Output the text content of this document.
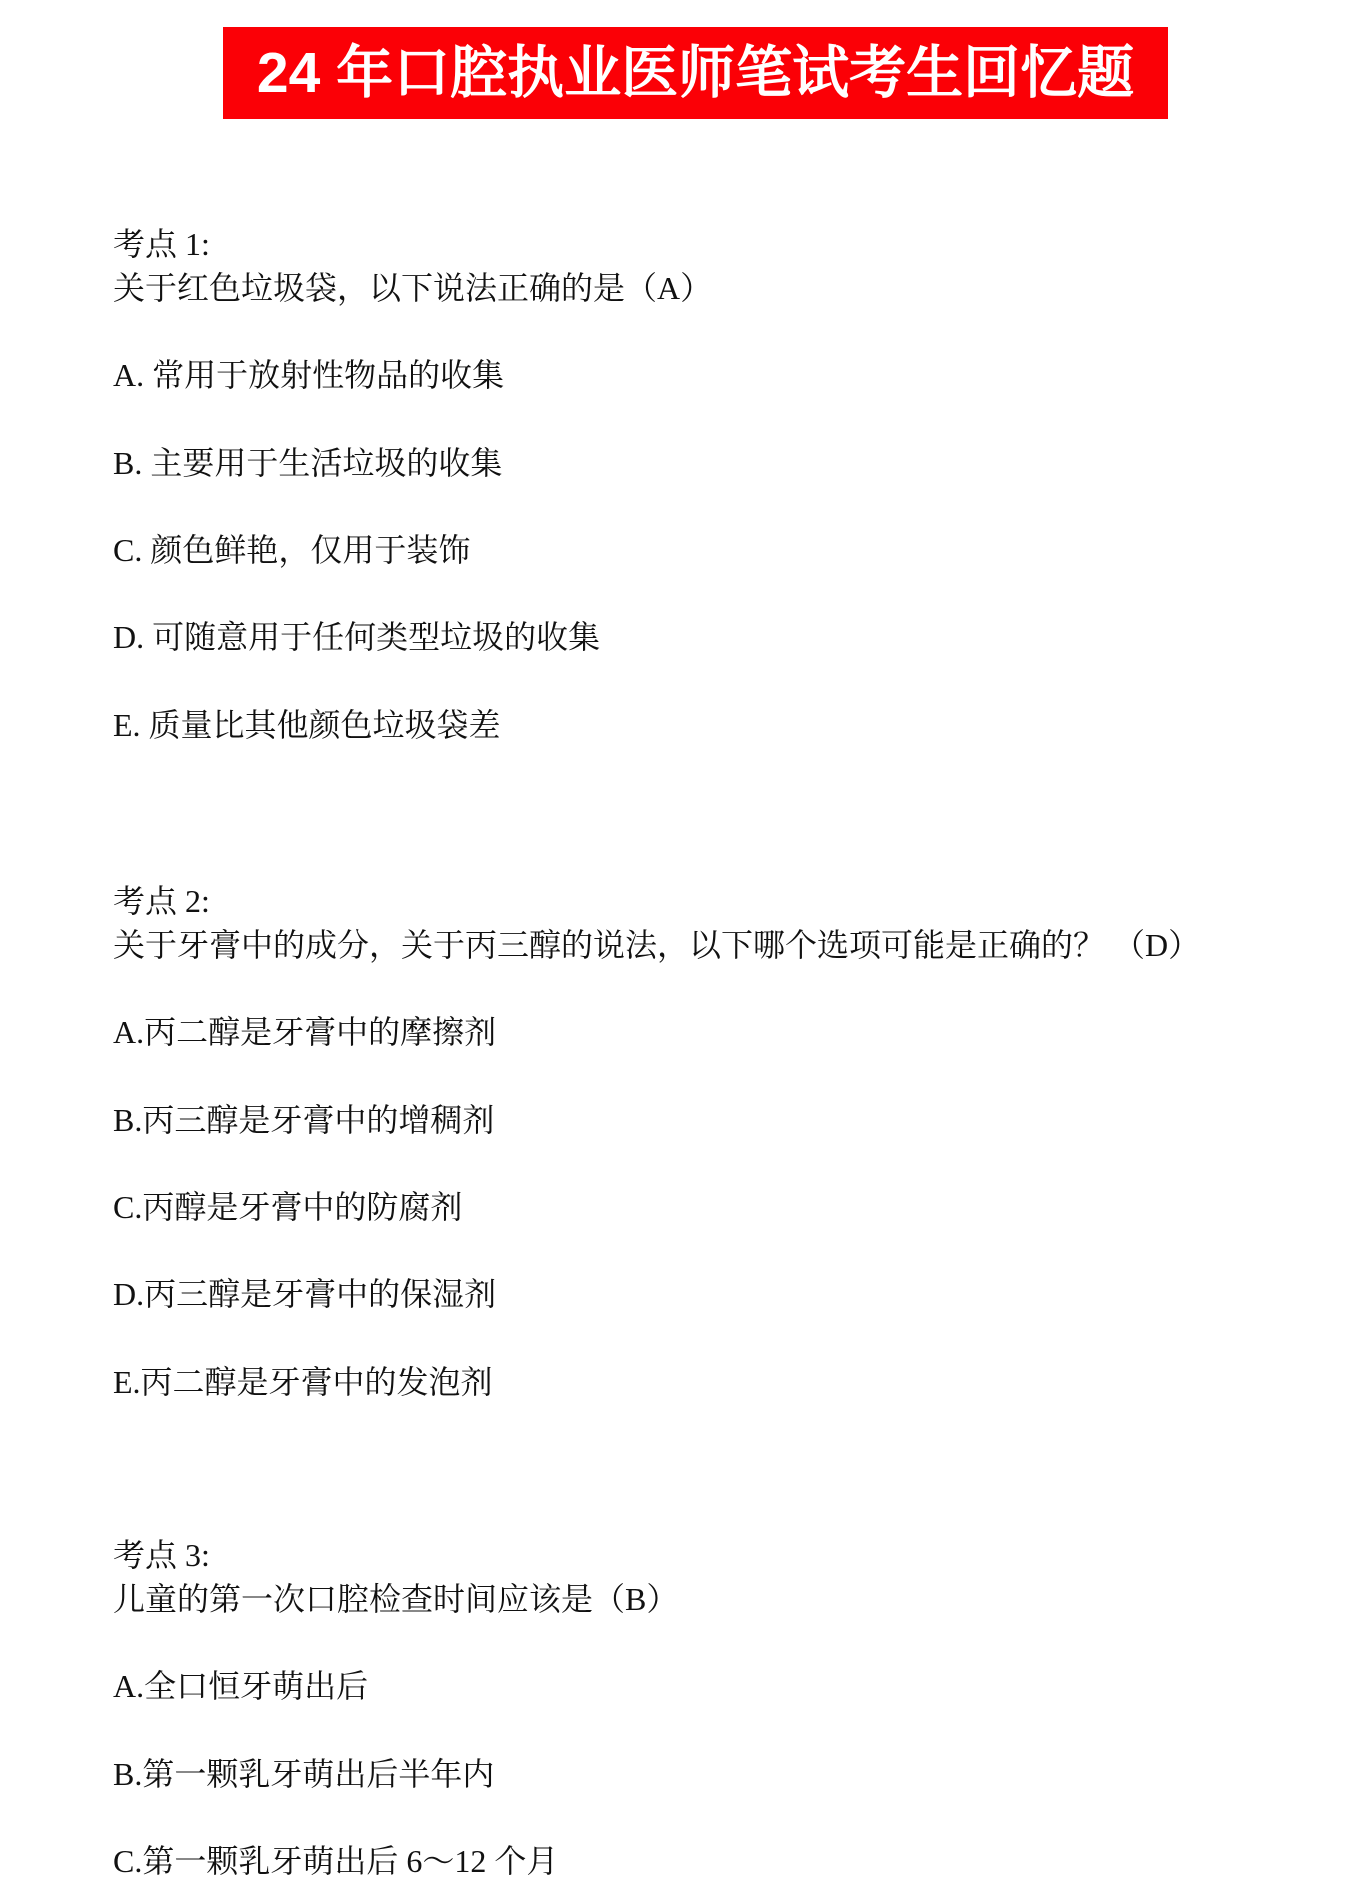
24 年口腔执业医师笔试考生回忆题
考点 1:
关于红色垃圾袋，以下说法正确的是（A）
A. 常用于放射性物品的收集
B. 主要用于生活垃圾的收集
C. 颜色鲜艳，仅用于装饰
D. 可随意用于任何类型垃圾的收集
E. 质量比其他颜色垃圾袋差
考点 2:
关于牙膏中的成分，关于丙三醇的说法，以下哪个选项可能是正确的？ （D）
A.丙二醇是牙膏中的摩擦剂
B.丙三醇是牙膏中的增稠剂
C.丙醇是牙膏中的防腐剂
D.丙三醇是牙膏中的保湿剂
E.丙二醇是牙膏中的发泡剂
考点 3:
儿童的第一次口腔检查时间应该是（B）
A.全口恒牙萌出后
B.第一颗乳牙萌出后半年内
C.第一颗乳牙萌出后 6～12 个月
